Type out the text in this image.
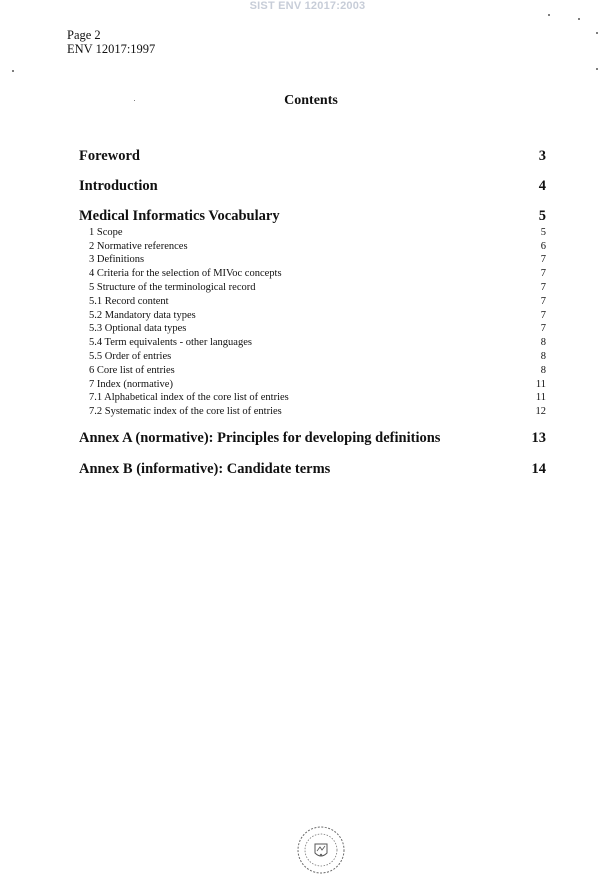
SIST ENV 12017:2003
Page 2
ENV 12017:1997
Contents
Foreword	3
Introduction	4
Medical Informatics Vocabulary	5
1 Scope	5
2 Normative references	6
3 Definitions	7
4 Criteria for the selection of MIVoc concepts	7
5 Structure of the terminological record	7
5.1 Record content	7
5.2 Mandatory data types	7
5.3 Optional data types	7
5.4 Term equivalents - other languages	8
5.5 Order of entries	8
6 Core list of entries	8
7 Index (normative)	11
7.1 Alphabetical index of the core list of entries	11
7.2 Systematic index of the core list of entries	12
Annex A (normative): Principles for developing definitions	13
Annex B (informative): Candidate terms	14
